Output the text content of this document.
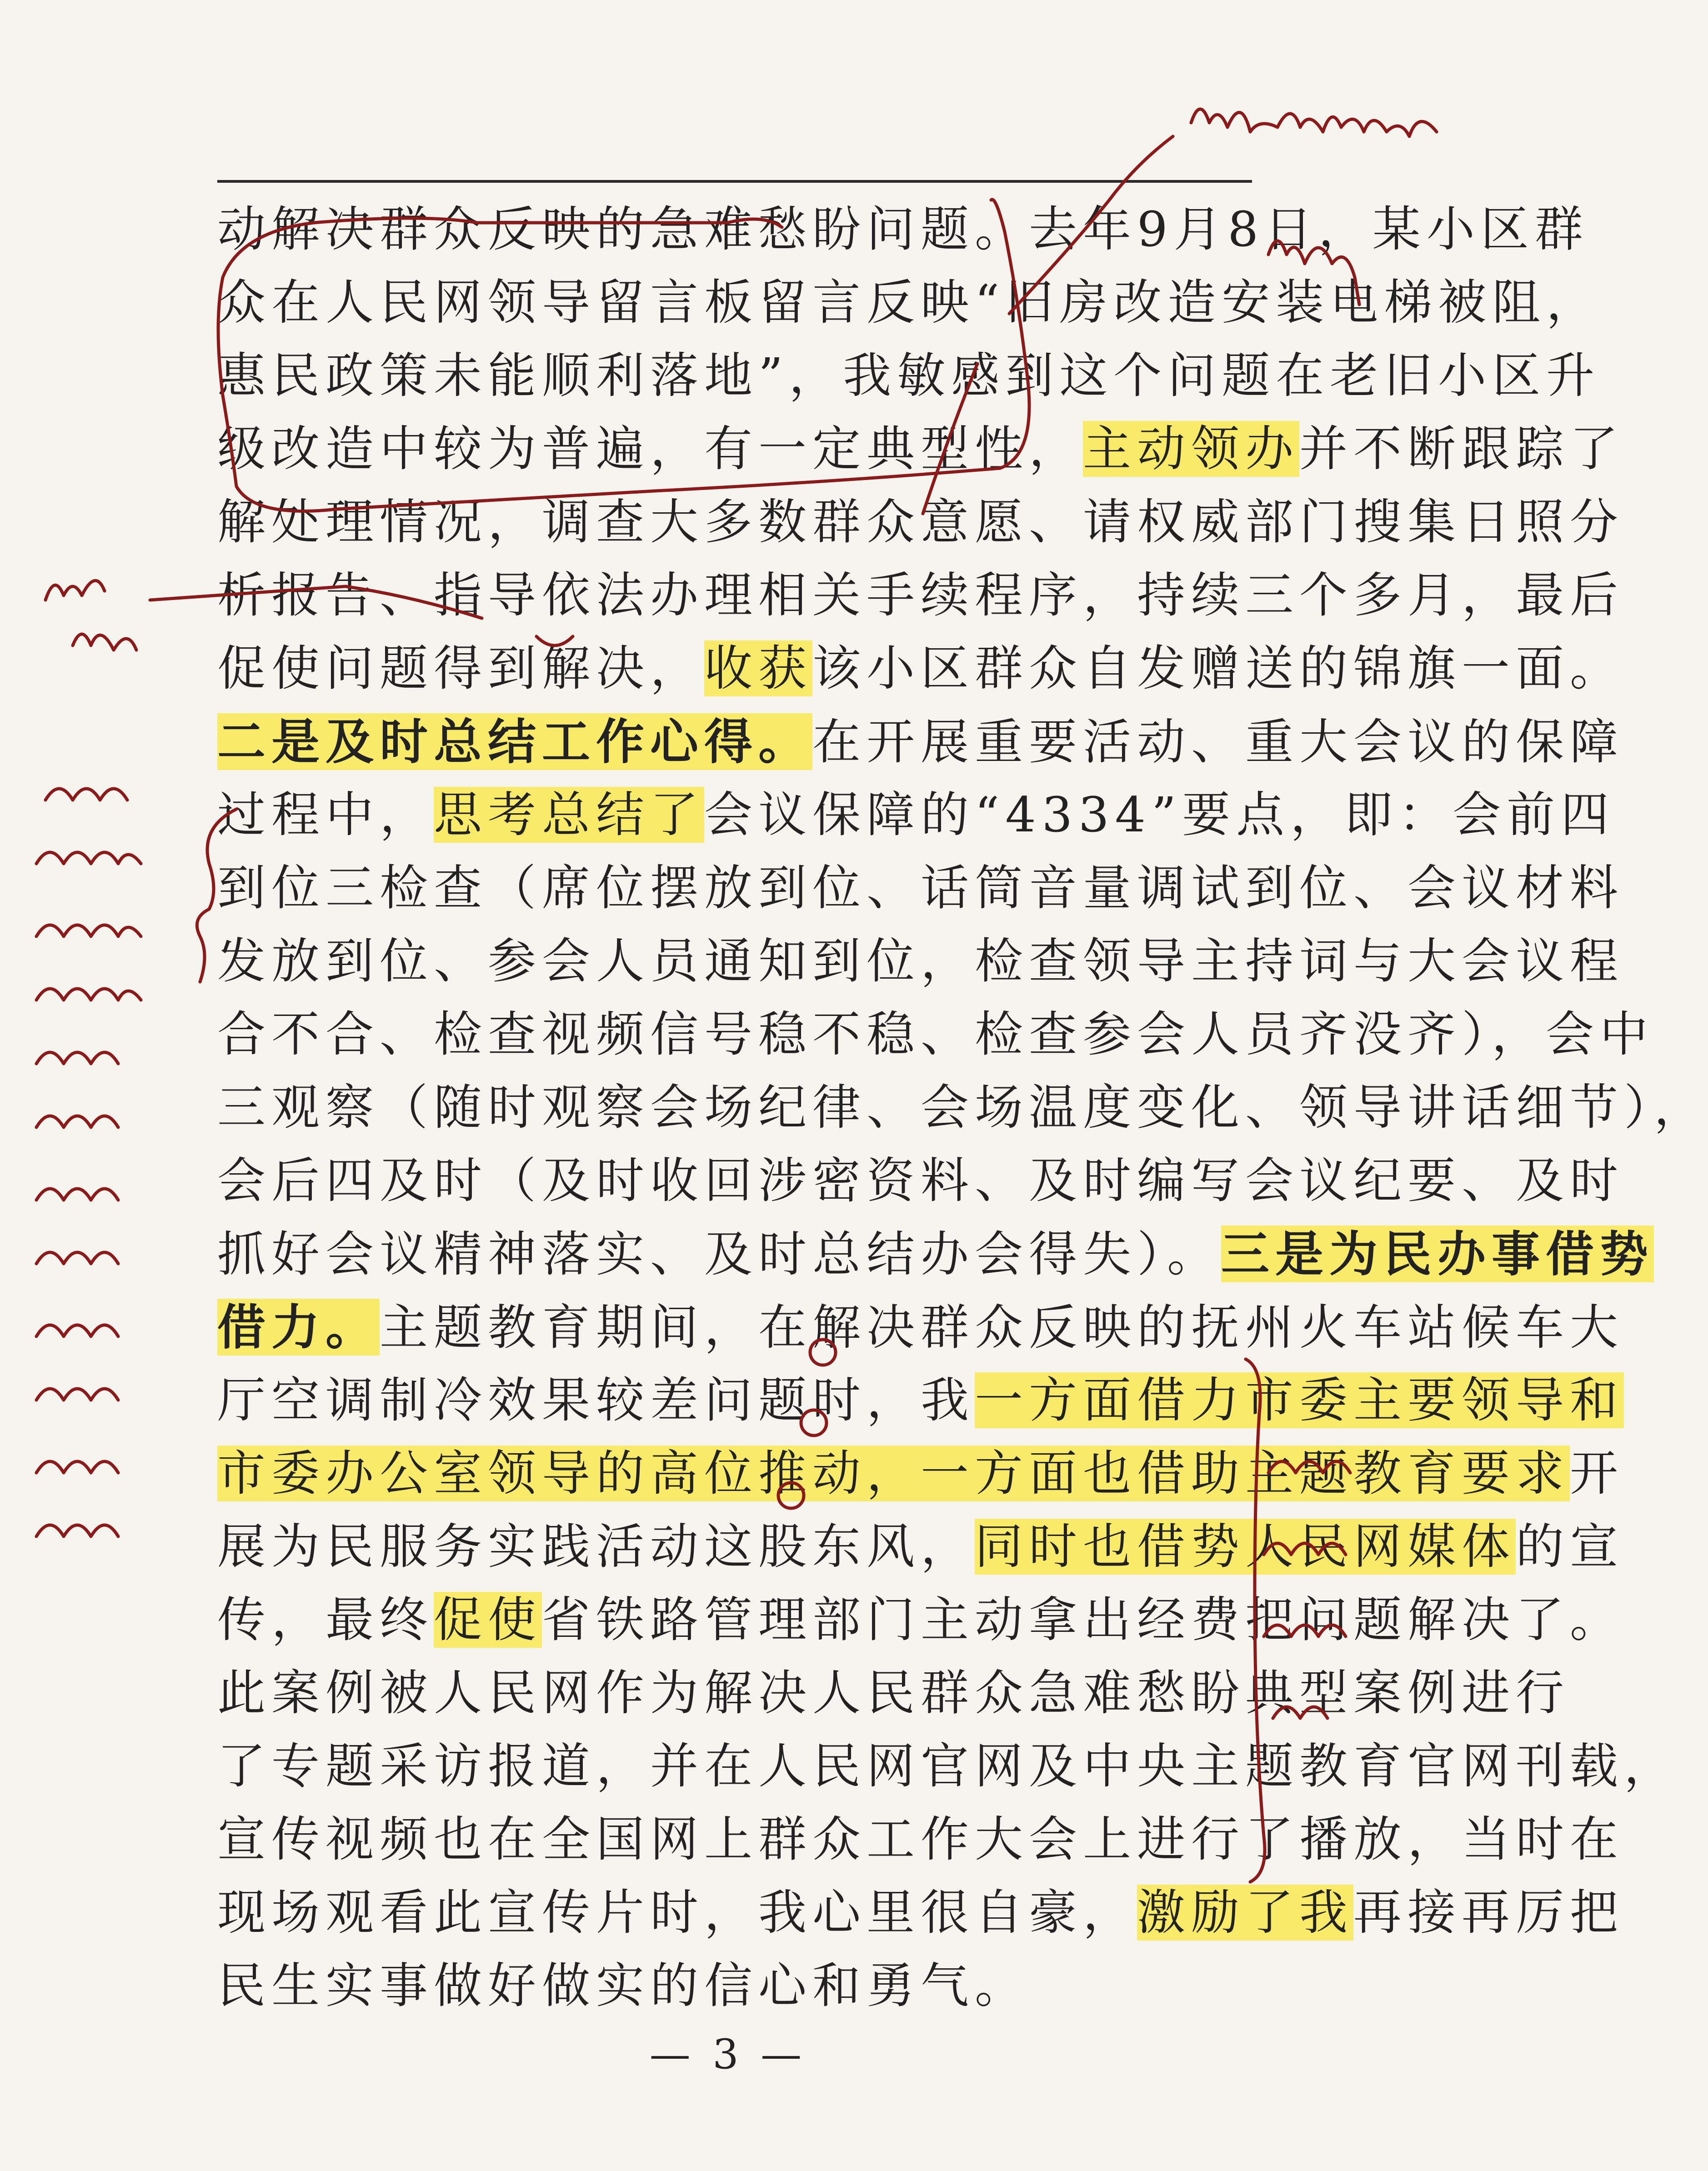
动解决群众反映的急难愁盼问题。去年9月8日，某小区群
众在人民网领导留言板留言反映“旧房改造安装电梯被阻，
惠民政策未能顺利落地”，我敏感到这个问题在老旧小区升
级改造中较为普遍，有一定典型性，主动领办并不断跟踪了
解处理情况，调查大多数群众意愿、请权威部门搜集日照分
析报告、指导依法办理相关手续程序，持续三个多月，最后
促使问题得到解决，收获该小区群众自发赠送的锦旗一面。
二是及时总结工作心得。在开展重要活动、重大会议的保障
过程中，思考总结了会议保障的“4334”要点，即：会前四
到位三检查（席位摆放到位、话筒音量调试到位、会议材料
发放到位、参会人员通知到位，检查领导主持词与大会议程
合不合、检查视频信号稳不稳、检查参会人员齐没齐），会中
三观察（随时观察会场纪律、会场温度变化、领导讲话细节），
会后四及时（及时收回涉密资料、及时编写会议纪要、及时
抓好会议精神落实、及时总结办会得失）。三是为民办事借势
借力。主题教育期间，在解决群众反映的抚州火车站候车大
厅空调制冷效果较差问题时，我一方面借力市委主要领导和
市委办公室领导的高位推动，一方面也借助主题教育要求开
展为民服务实践活动这股东风，同时也借势人民网媒体的宣
传，最终促使省铁路管理部门主动拿出经费把问题解决了。
此案例被人民网作为解决人民群众急难愁盼典型案例进行
了专题采访报道，并在人民网官网及中央主题教育官网刊载，
宣传视频也在全国网上群众工作大会上进行了播放，当时在
现场观看此宣传片时，我心里很自豪，激励了我再接再厉把
民生实事做好做实的信心和勇气。
— 3 —
